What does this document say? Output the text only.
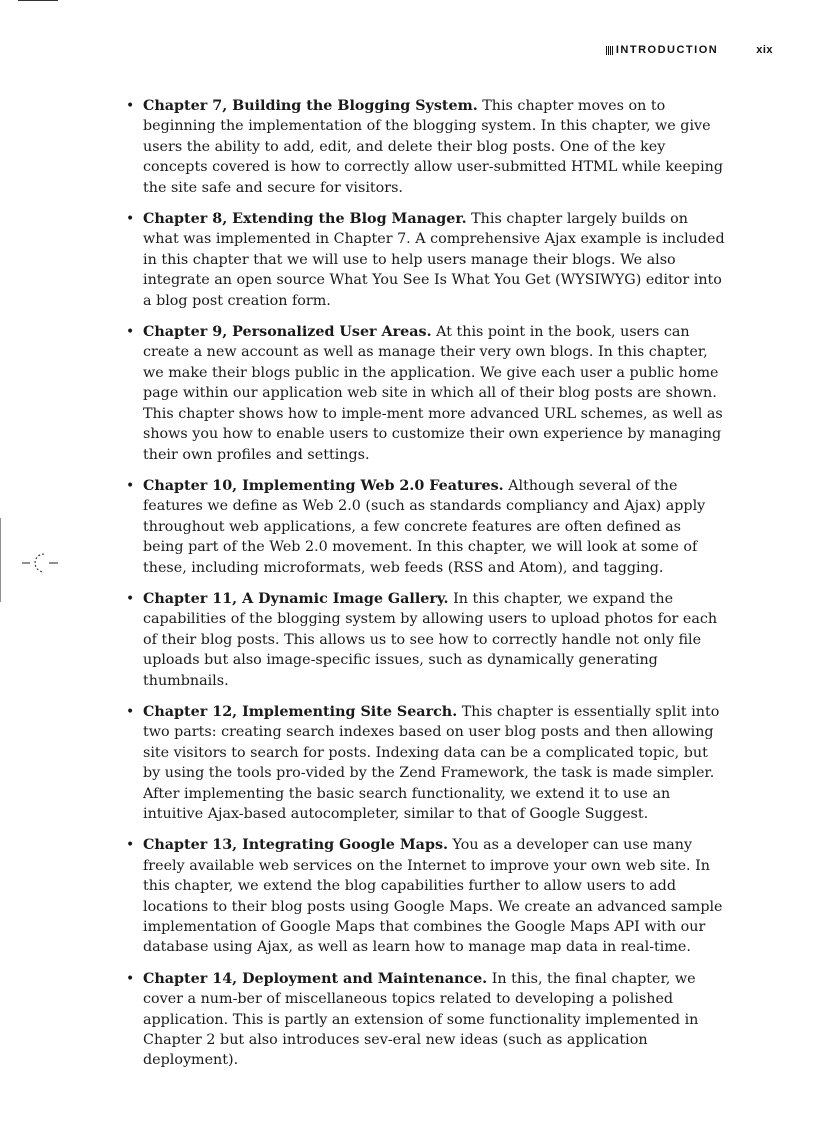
INTRODUCTION	xix
• Chapter 7, Building the Blogging System. This chapter moves on to beginning the implementation of the blogging system. In this chapter, we give users the ability to add, edit, and delete their blog posts. One of the key concepts covered is how to correctly allow user-submitted HTML while keeping the site safe and secure for visitors.
• Chapter 8, Extending the Blog Manager. This chapter largely builds on what was implemented in Chapter 7. A comprehensive Ajax example is included in this chapter that we will use to help users manage their blogs. We also integrate an open source What You See Is What You Get (WYSIWYG) editor into a blog post creation form.
• Chapter 9, Personalized User Areas. At this point in the book, users can create a new account as well as manage their very own blogs. In this chapter, we make their blogs public in the application. We give each user a public home page within our application web site in which all of their blog posts are shown. This chapter shows how to imple-ment more advanced URL schemes, as well as shows you how to enable users to customize their own experience by managing their own profiles and settings.
• Chapter 10, Implementing Web 2.0 Features. Although several of the features we define as Web 2.0 (such as standards compliancy and Ajax) apply throughout web applications, a few concrete features are often defined as being part of the Web 2.0 movement. In this chapter, we will look at some of these, including microformats, web feeds (RSS and Atom), and tagging.
• Chapter 11, A Dynamic Image Gallery. In this chapter, we expand the capabilities of the blogging system by allowing users to upload photos for each of their blog posts. This allows us to see how to correctly handle not only file uploads but also image-specific issues, such as dynamically generating thumbnails.
• Chapter 12, Implementing Site Search. This chapter is essentially split into two parts: creating search indexes based on user blog posts and then allowing site visitors to search for posts. Indexing data can be a complicated topic, but by using the tools pro-vided by the Zend Framework, the task is made simpler. After implementing the basic search functionality, we extend it to use an intuitive Ajax-based autocompleter, similar to that of Google Suggest.
• Chapter 13, Integrating Google Maps. You as a developer can use many freely available web services on the Internet to improve your own web site. In this chapter, we extend the blog capabilities further to allow users to add locations to their blog posts using Google Maps. We create an advanced sample implementation of Google Maps that combines the Google Maps API with our database using Ajax, as well as learn how to manage map data in real-time.
• Chapter 14, Deployment and Maintenance. In this, the final chapter, we cover a num-ber of miscellaneous topics related to developing a polished application. This is partly an extension of some functionality implemented in Chapter 2 but also introduces sev-eral new ideas (such as application deployment).
